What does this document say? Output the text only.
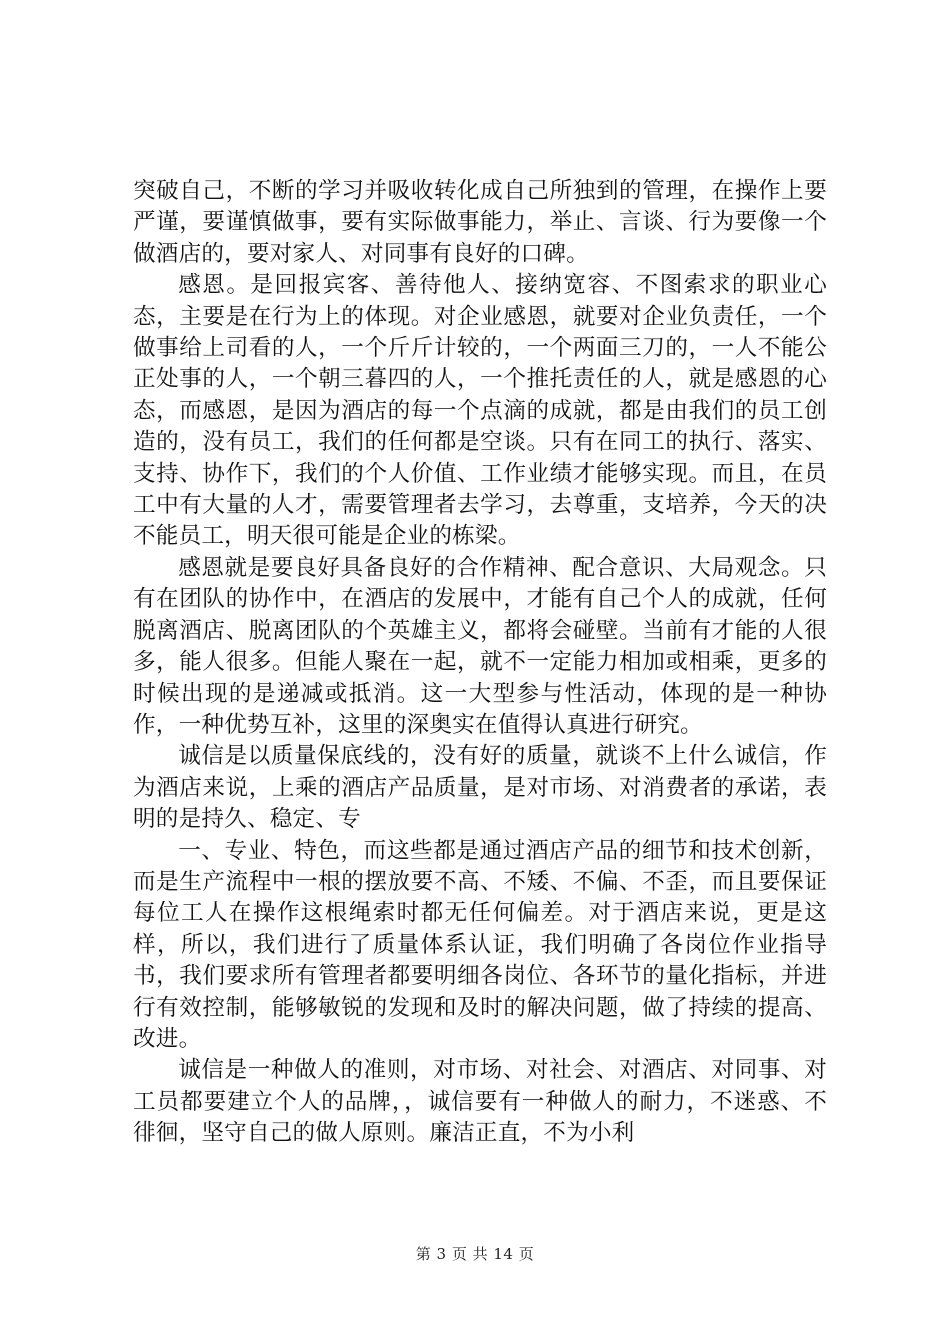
突破自己，不断的学习并吸收转化成自己所独到的管理，在操作上要严谨，要谨慎做事，要有实际做事能力，举止、言谈、行为要像一个做酒店的，要对家人、对同事有良好的口碑。

感恩。是回报宾客、善待他人、接纳宽容、不图索求的职业心态，主要是在行为上的体现。对企业感恩，就要对企业负责任，一个做事给上司看的人，一个斤斤计较的，一个两面三刀的，一人不能公正处事的人，一个朝三暮四的人，一个推托责任的人，就是感恩的心态，而感恩，是因为酒店的每一个点滴的成就，都是由我们的员工创造的，没有员工，我们的任何都是空谈。只有在同工的执行、落实、支持、协作下，我们的个人价值、工作业绩才能够实现。而且，在员工中有大量的人才，需要管理者去学习，去尊重，支培养，今天的决不能员工，明天很可能是企业的栋梁。

感恩就是要良好具备良好的合作精神、配合意识、大局观念。只有在团队的协作中，在酒店的发展中，才能有自己个人的成就，任何脱离酒店、脱离团队的个英雄主义，都将会碰壁。当前有才能的人很多，能人很多。但能人聚在一起，就不一定能力相加或相乘，更多的时候出现的是递减或抵消。这一大型参与性活动，体现的是一种协作，一种优势互补，这里的深奥实在值得认真进行研究。

诚信是以质量保底线的，没有好的质量，就谈不上什么诚信，作为酒店来说，上乘的酒店产品质量，是对市场、对消费者的承诺，表明的是持久、稳定、专

一、专业、特色，而这些都是通过酒店产品的细节和技术创新，而是生产流程中一根的摆放要不高、不矮、不偏、不歪，而且要保证每位工人在操作这根绳索时都无任何偏差。对于酒店来说，更是这样，所以，我们进行了质量体系认证，我们明确了各岗位作业指导书，我们要求所有管理者都要明细各岗位、各环节的量化指标，并进行有效控制，能够敏锐的发现和及时的解决问题，做了持续的提高、改进。

诚信是一种做人的准则，对市场、对社会、对酒店、对同事、对工员都要建立个人的品牌，，诚信要有一种做人的耐力，不迷惑、不徘徊，坚守自己的做人原则。廉洁正直，不为小利

第 3 页 共 14 页
